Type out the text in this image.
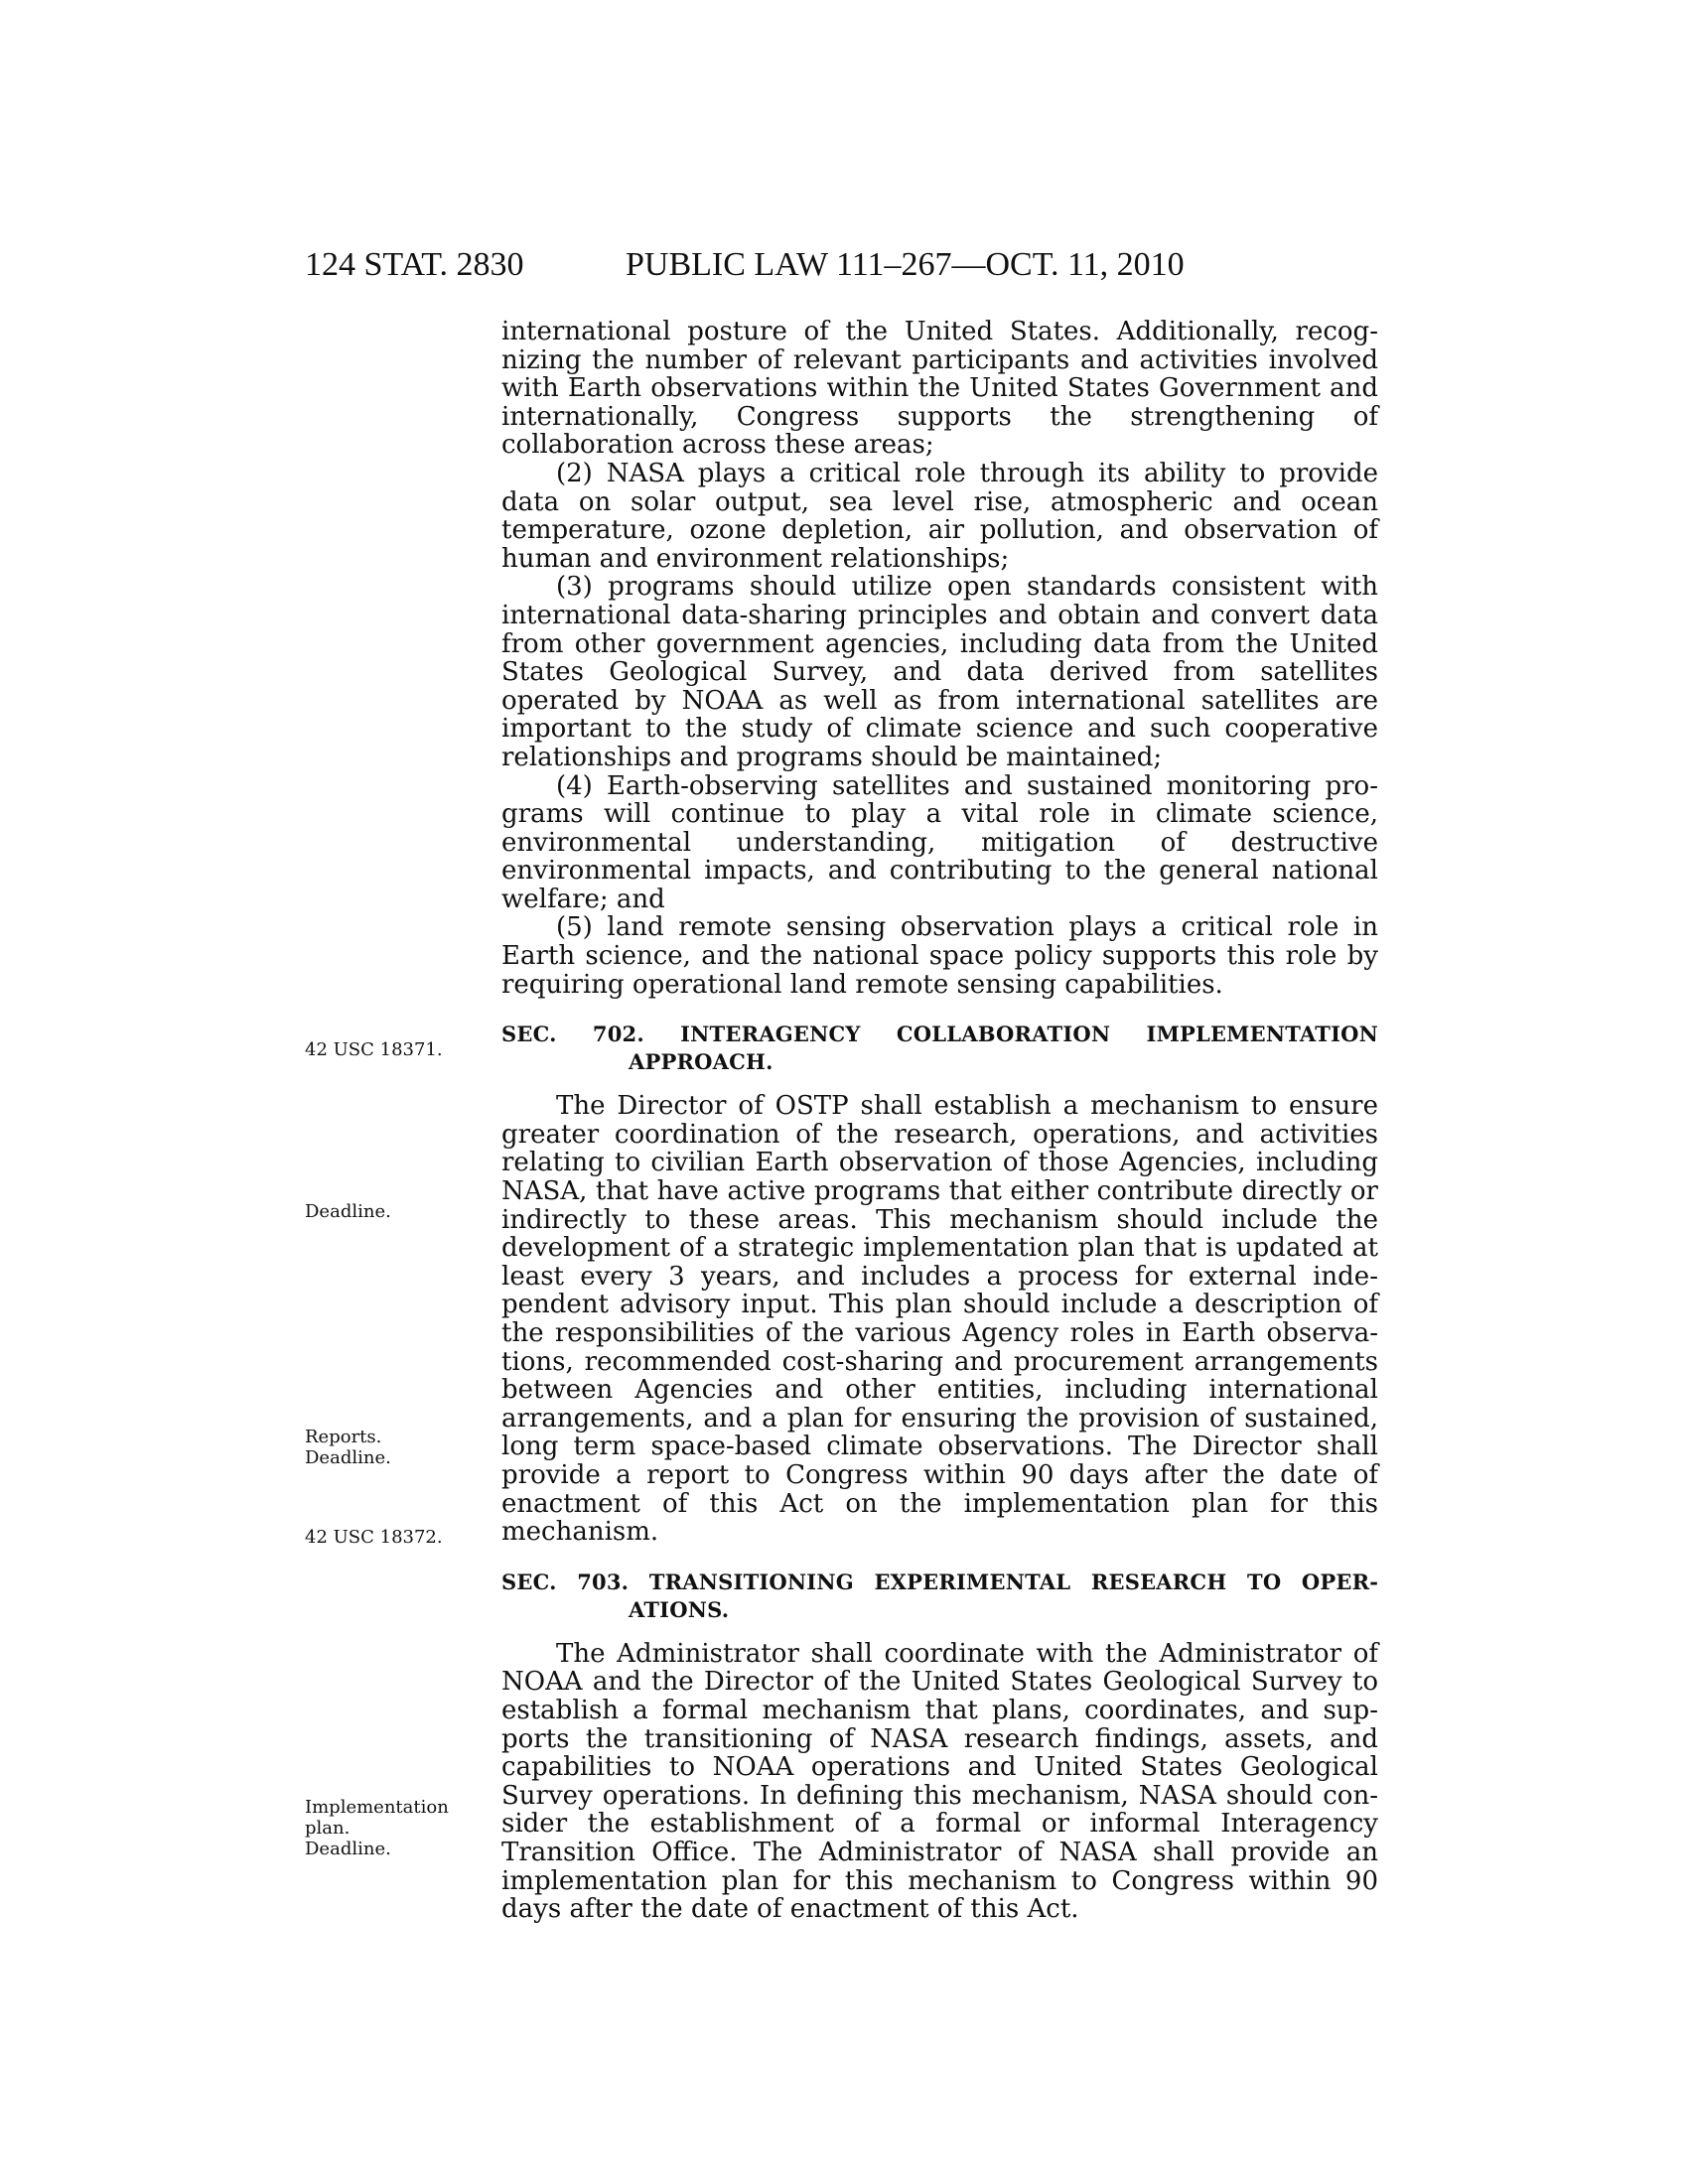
124 STAT. 2830	PUBLIC LAW 111–267—OCT. 11, 2010
42 USC 18371.
Deadline.
Reports.
Deadline.
42 USC 18372.
Implementation
plan.
Deadline.

international posture of the United States. Additionally, recognizing the number of relevant participants and activities involved with Earth observations within the United States Government and internationally, Congress supports the strengthening of collaboration across these areas;

(2) NASA plays a critical role through its ability to provide data on solar output, sea level rise, atmospheric and ocean temperature, ozone depletion, air pollution, and observation of human and environment relationships;

(3) programs should utilize open standards consistent with international data-sharing principles and obtain and convert data from other government agencies, including data from the United States Geological Survey, and data derived from satellites operated by NOAA as well as from international satellites are important to the study of climate science and such cooperative relationships and programs should be maintained;

(4) Earth-observing satellites and sustained monitoring programs will continue to play a vital role in climate science, environmental understanding, mitigation of destructive environmental impacts, and contributing to the general national welfare; and

(5) land remote sensing observation plays a critical role in Earth science, and the national space policy supports this role by requiring operational land remote sensing capabilities.

SEC. 702. INTERAGENCY COLLABORATION IMPLEMENTATION APPROACH.

The Director of OSTP shall establish a mechanism to ensure greater coordination of the research, operations, and activities relating to civilian Earth observation of those Agencies, including NASA, that have active programs that either contribute directly or indirectly to these areas. This mechanism should include the development of a strategic implementation plan that is updated at least every 3 years, and includes a process for external independent advisory input. This plan should include a description of the responsibilities of the various Agency roles in Earth observations, recommended cost-sharing and procurement arrangements between Agencies and other entities, including international arrangements, and a plan for ensuring the provision of sustained, long term space-based climate observations. The Director shall provide a report to Congress within 90 days after the date of enactment of this Act on the implementation plan for this mechanism.

SEC. 703. TRANSITIONING EXPERIMENTAL RESEARCH TO OPERATIONS.

The Administrator shall coordinate with the Administrator of NOAA and the Director of the United States Geological Survey to establish a formal mechanism that plans, coordinates, and supports the transitioning of NASA research findings, assets, and capabilities to NOAA operations and United States Geological Survey operations. In defining this mechanism, NASA should consider the establishment of a formal or informal Interagency Transition Office. The Administrator of NASA shall provide an implementation plan for this mechanism to Congress within 90 days after the date of enactment of this Act.
